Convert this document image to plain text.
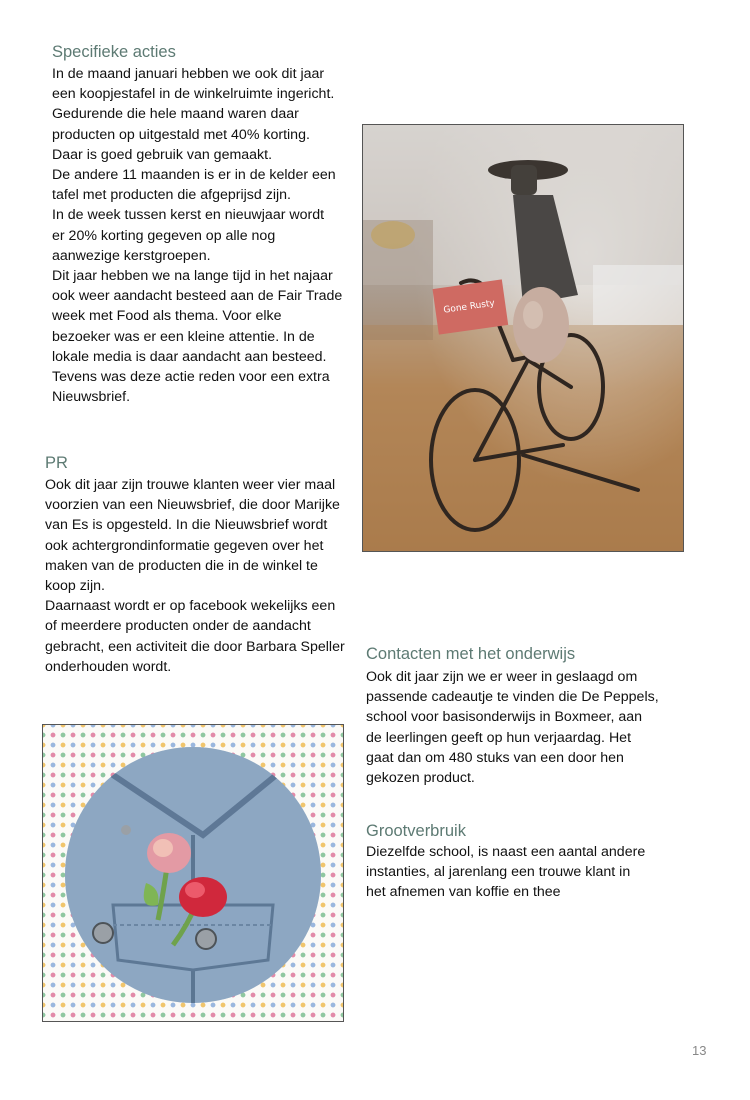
Specifieke acties

In de maand januari hebben we ook dit jaar
een koopjestafel in de winkelruimte ingericht.
Gedurende die hele maand waren daar
producten op uitgestald met 40% korting.
Daar is goed gebruik van gemaakt.
De andere 11 maanden is er in de kelder een
tafel met producten die afgeprijsd zijn.
In de week tussen kerst en nieuwjaar wordt
er 20% korting gegeven op alle nog
aanwezige kerstgroepen.
Dit jaar hebben we na lange tijd in het najaar
ook weer aandacht besteed aan de Fair Trade
week met Food als thema. Voor elke
bezoeker was er een kleine attentie. In de
lokale media is daar aandacht aan besteed.
Tevens was deze actie reden voor een extra
Nieuwsbrief.

PR

Ook dit jaar zijn trouwe klanten weer vier maal
voorzien van een Nieuwsbrief, die door Marijke
van Es is opgesteld. In die Nieuwsbrief wordt
ook achtergrondinformatie gegeven over het
maken van de producten die in de winkel te
koop zijn.
Daarnaast wordt er op facebook wekelijks een
of meerdere producten onder de aandacht
gebracht, een activiteit die door Barbara Speller
onderhouden wordt.

Gone Rusty
Contacten met het onderwijs

Ook dit jaar zijn we er weer in geslaagd om
passende cadeautje te vinden die De Peppels,
school voor basisonderwijs in Boxmeer, aan
de leerlingen geeft op hun verjaardag. Het
gaat dan om 480 stuks van een door hen
gekozen product.

Grootverbruik

Diezelfde school, is naast een aantal andere
instanties, al jarenlang een trouwe klant in
het afnemen van koffie en thee

13
